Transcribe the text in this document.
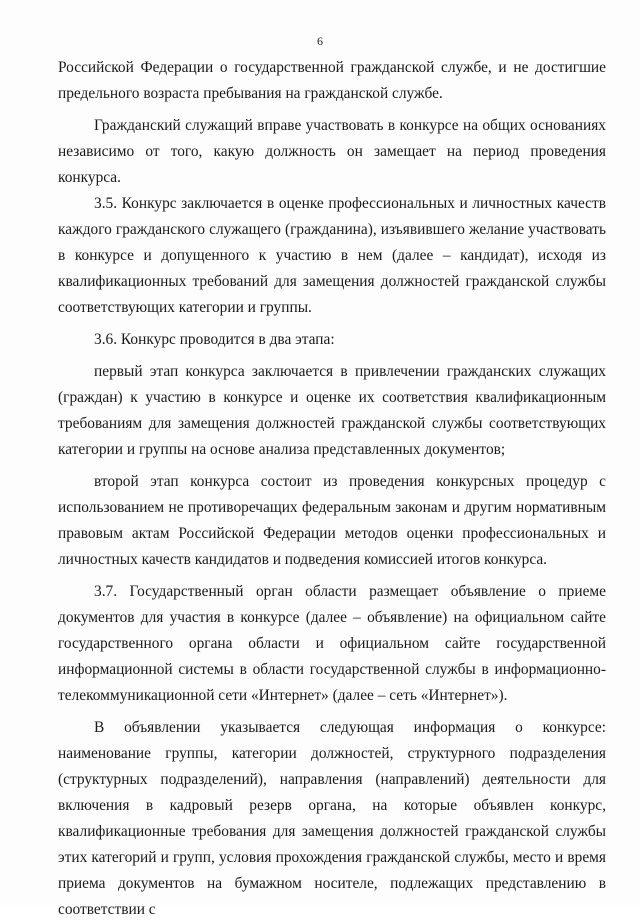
6

Российской Федерации о государственной гражданской службе, и не достигшие предельного возраста пребывания на гражданской службе.

Гражданский служащий вправе участвовать в конкурсе на общих основаниях независимо от того, какую должность он замещает на период проведения конкурса.

3.5. Конкурс заключается в оценке профессиональных и личностных качеств каждого гражданского служащего (гражданина), изъявившего желание участвовать в конкурсе и допущенного к участию в нем (далее – кандидат), исходя из квалификационных требований для замещения должностей гражданской службы соответствующих категории и группы.

3.6. Конкурс проводится в два этапа:

первый этап конкурса заключается в привлечении гражданских служащих (граждан) к участию в конкурсе и оценке их соответствия квалификационным требованиям для замещения должностей гражданской службы соответствующих категории и группы на основе анализа представленных документов;

второй этап конкурса состоит из проведения конкурсных процедур с использованием не противоречащих федеральным законам и другим нормативным правовым актам Российской Федерации методов оценки профессиональных и личностных качеств кандидатов и подведения комиссией итогов конкурса.

3.7. Государственный орган области размещает объявление о приеме документов для участия в конкурсе (далее – объявление) на официальном сайте государственного органа области и официальном сайте государственной информационной системы в области государственной службы в информационно-телекоммуникационной сети «Интернет» (далее – сеть «Интернет»).

В объявлении указывается следующая информация о конкурсе: наименование группы, категории должностей, структурного подразделения (структурных подразделений), направления (направлений) деятельности для включения в кадровый резерв органа, на которые объявлен конкурс, квалификационные требования для замещения должностей гражданской службы этих категорий и групп, условия прохождения гражданской службы, место и время приема документов на бумажном носителе, подлежащих представлению в соответствии с
